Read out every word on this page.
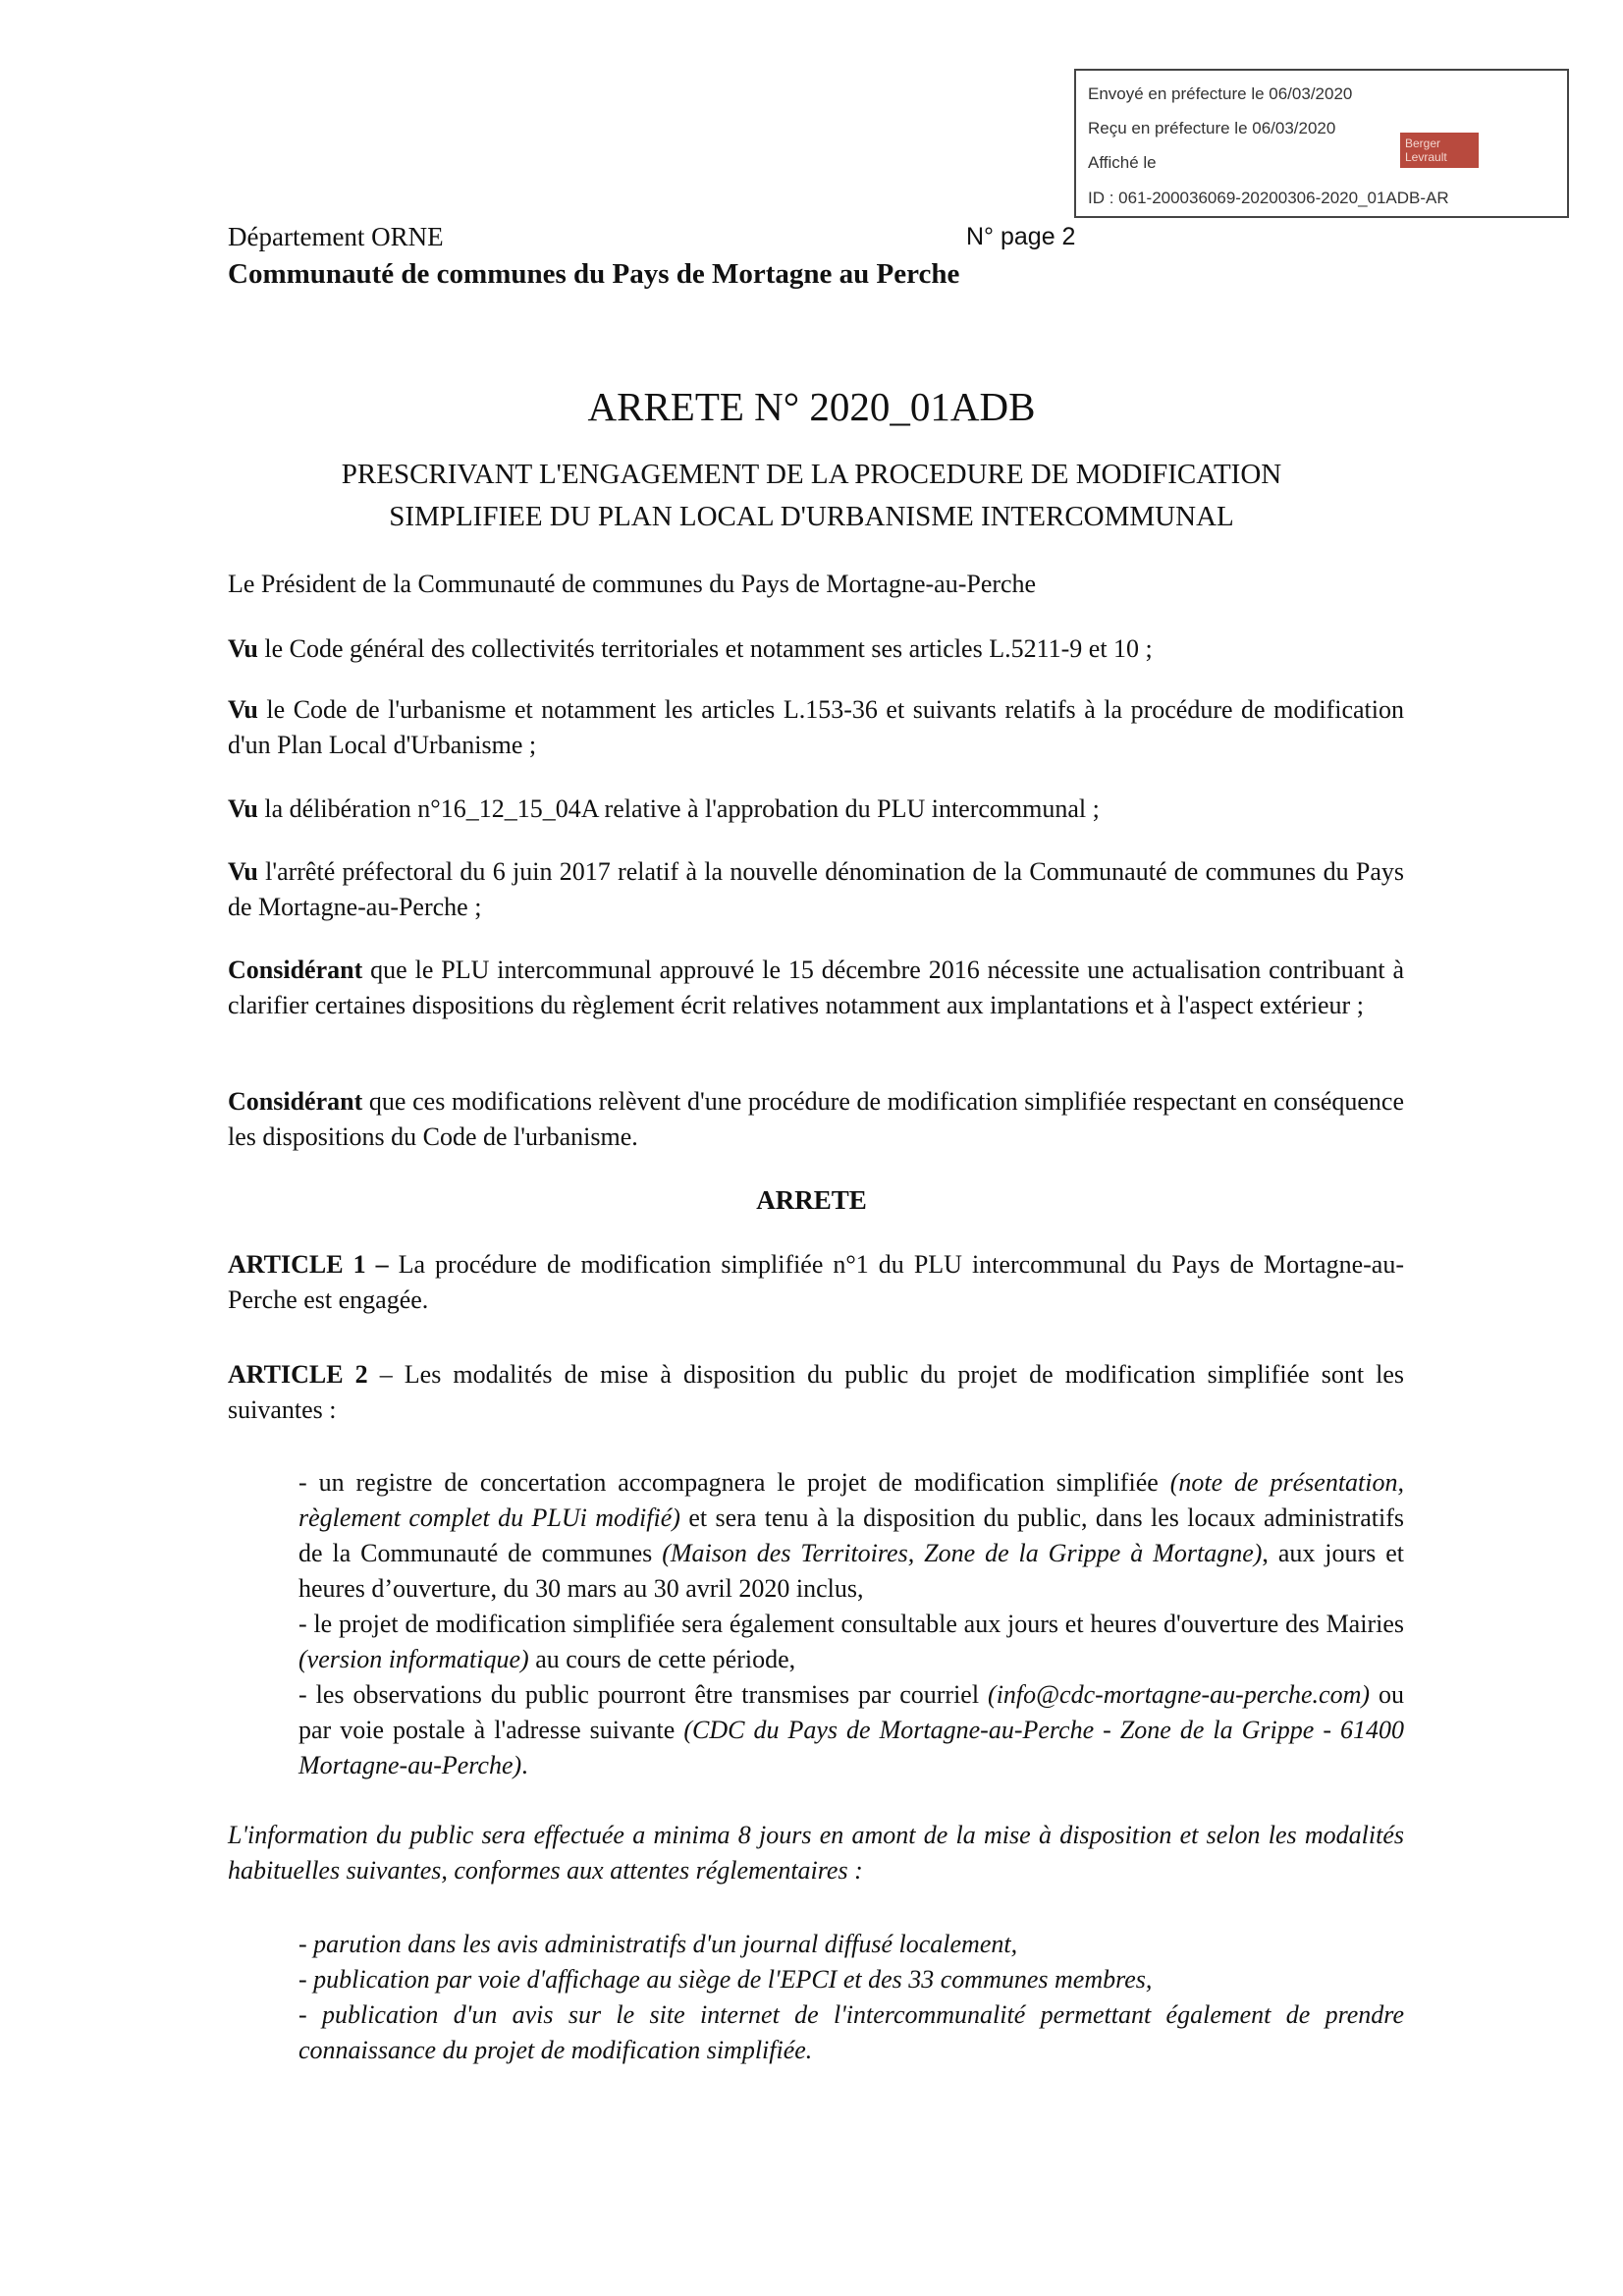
Envoyé en préfecture le 06/03/2020
Reçu en préfecture le 06/03/2020
Affiché le
ID : 061-200036069-20200306-2020_01ADB-AR
Berger
Levrault
Département ORNE	N° page 2
Communauté de communes du Pays de Mortagne au Perche
ARRETE N° 2020_01ADB
PRESCRIVANT L'ENGAGEMENT DE LA PROCEDURE DE MODIFICATION
SIMPLIFIEE DU PLAN LOCAL D'URBANISME INTERCOMMUNAL
Le Président de la Communauté de communes du Pays de Mortagne-au-Perche
Vu le Code général des collectivités territoriales et notamment ses articles L.5211-9 et 10 ;
Vu le Code de l'urbanisme et notamment les articles L.153-36 et suivants relatifs à la procédure de modification d'un Plan Local d'Urbanisme ;
Vu la délibération n°16_12_15_04A relative à l'approbation du PLU intercommunal ;
Vu l'arrêté préfectoral du 6 juin 2017 relatif à la nouvelle dénomination de la Communauté de communes du Pays de Mortagne-au-Perche ;
Considérant que le PLU intercommunal approuvé le 15 décembre 2016 nécessite une actualisation contribuant à clarifier certaines dispositions du règlement écrit relatives notamment aux implantations et à l'aspect extérieur ;
Considérant que ces modifications relèvent d'une procédure de modification simplifiée respectant en conséquence les dispositions du Code de l'urbanisme.
ARRETE
ARTICLE 1 – La procédure de modification simplifiée n°1 du PLU intercommunal du Pays de Mortagne-au-Perche est engagée.
ARTICLE 2 – Les modalités de mise à disposition du public du projet de modification simplifiée sont les suivantes :

- un registre de concertation accompagnera le projet de modification simplifiée (note de présentation, règlement complet du PLUi modifié) et sera tenu à la disposition du public, dans les locaux administratifs de la Communauté de communes (Maison des Territoires, Zone de la Grippe à Mortagne), aux jours et heures d’ouverture, du 30 mars au 30 avril 2020 inclus,

- le projet de modification simplifiée sera également consultable aux jours et heures d'ouverture des Mairies (version informatique) au cours de cette période,

- les observations du public pourront être transmises par courriel (info@cdc-mortagne-au-perche.com) ou par voie postale à l'adresse suivante (CDC du Pays de Mortagne-au-Perche - Zone de la Grippe - 61400 Mortagne-au-Perche).

L'information du public sera effectuée a minima 8 jours en amont de la mise à disposition et selon les modalités habituelles suivantes, conformes aux attentes réglementaires :

- parution dans les avis administratifs d'un journal diffusé localement,

- publication par voie d'affichage au siège de l'EPCI et des 33 communes membres,

- publication d'un avis sur le site internet de l'intercommunalité permettant également de prendre connaissance du projet de modification simplifiée.
